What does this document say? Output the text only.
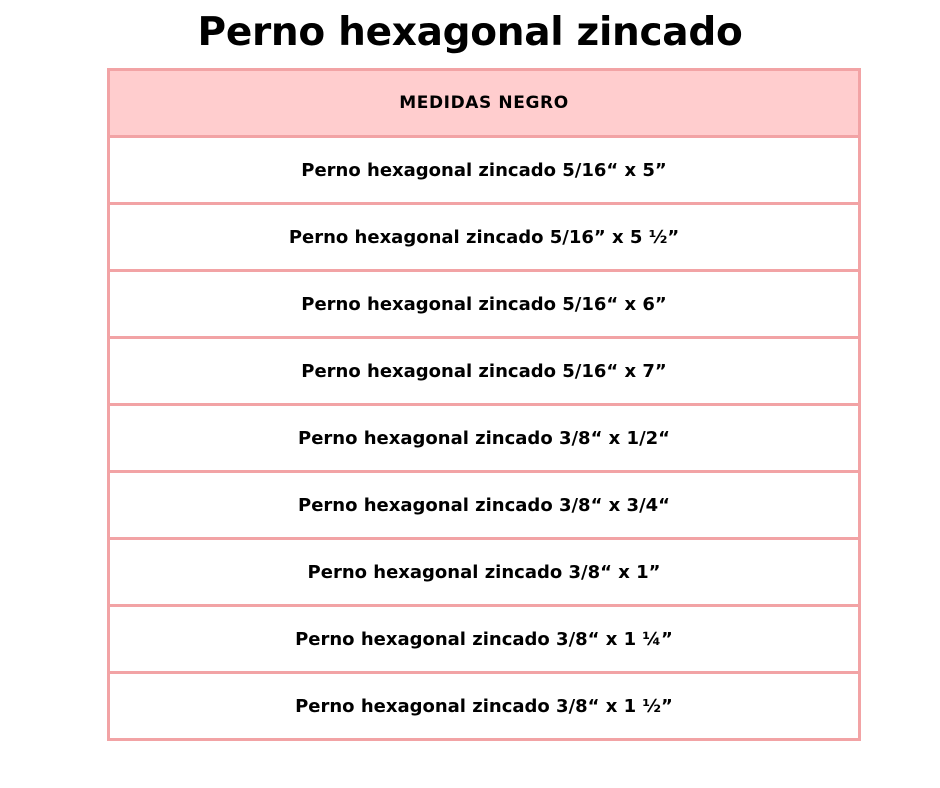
Perno hexagonal zincado
MEDIDAS NEGRO
Perno hexagonal zincado 5/16“ x 5”
Perno hexagonal zincado 5/16” x 5 ½”
Perno hexagonal zincado 5/16“ x 6”
Perno hexagonal zincado 5/16“ x 7”
Perno hexagonal zincado 3/8“ x 1/2“
Perno hexagonal zincado 3/8“ x 3/4“
Perno hexagonal zincado 3/8“ x 1”
Perno hexagonal zincado 3/8“ x 1 ¼”
Perno hexagonal zincado 3/8“ x 1 ½”
